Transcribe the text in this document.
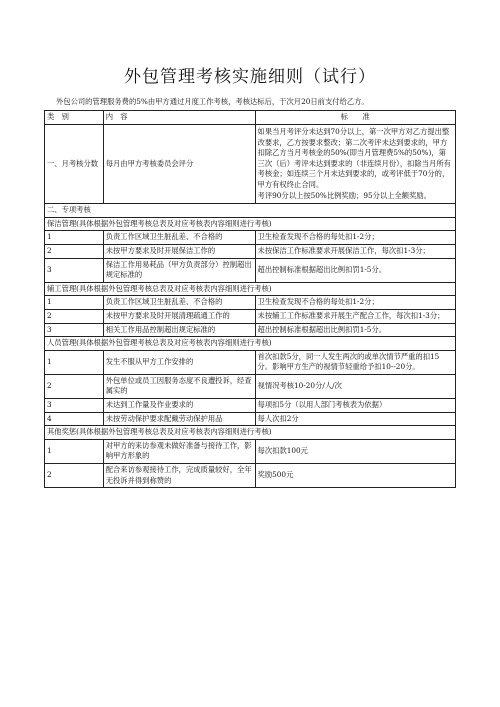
外包管理考核实施细则（试行）
外包公司的管理服务费的5%由甲方通过月度工作考核，考核达标后，于次月20日前支付给乙方。
类　别	内　容	标　　准
一、月考核分数	每月由甲方考核委员会评分	如果当月考评分未达到70分以上，第一次甲方对乙方提出整改要求，乙方按要求整改；第二次考评未达到要求的，甲方扣除乙方当月考核金的50%(即当月管理费5%的50%)，第三次（后）考评未达到要求的（非连续月份），扣除当月所有考核金；如连续三个月未达到要求的，或考评低于70分的，甲方有权终止合同。
考评90分以上按50%比例奖励；95分以上全额奖励。

二、专项考核		
保洁管理(具体根据外包管理考核总表及对应考核表内容细则进行考核)		
1	负责工作区域卫生脏乱差、不合格的	卫生检查发现不合格的每处扣1-2分；
2	未按甲方要求及时开展保洁工作的	未按保洁工作标准要求开展保洁工作，每次扣1-3分；
3	保洁工作用易耗品（甲方负责部分）控制超出规定标准的	超出控制标准根据超出比例扣罚1-5分。
辅工管理(具体根据外包管理考核总表及对应考核表内容细则进行考核)		
1	负责工作区域卫生脏乱差、不合格的	卫生检查发现不合格的每处扣1-2分；
2	未按甲方要求及时开展清理疏通工作的	未按辅工工作标准要求开展生产配合工作，每次扣1-3分；
3	相关工作用品控制超出规定标准的	超出控制标准根据超出比例扣罚1-5分。
人员管理(具体根据外包管理考核总表及对应考核表内容细则进行考核)		
1	发生不服从甲方工作安排的	首次扣款5分，同一人发生两次的或单次情节严重的扣15分。影响甲方生产的视情节轻重给予扣10--20分。
2	外包单位或员工因服务态度不良遭投诉，经查属实的	视情况考核10-20分/人/次
3	未达到工作量及作业要求的	每项扣5分（以用人部门考核表为依据）
4	未按劳动保护要求配戴劳动保护用品	每人次扣2分
其他奖惩(具体根据外包管理考核总表及对应考核表内容细则进行考核)		
1	对甲方的来访参观未做好准备与接待工作，影响甲方形象的	每次扣款100元
2	配合来访参观接待工作，完成质量较好，全年无投诉并得到称赞的	奖励500元
